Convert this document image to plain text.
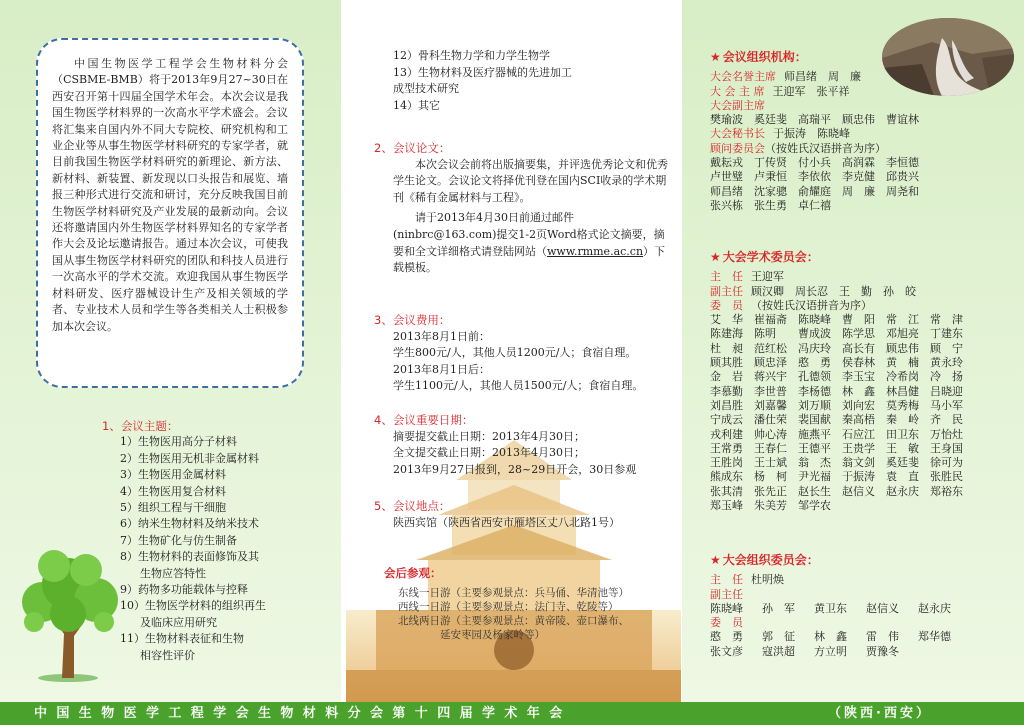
中国生物医学工程学会生物材料分会（CSBME-BMB）将于2013年9月27~30日在西安召开第十四届全国学术年会。本次会议是我国生物医学材料界的一次高水平学术盛会。会议将汇集来自国内外不同大专院校、研究机构和工业企业等从事生物医学材料研究的专家学者，就目前我国生物医学材料研究的新理论、新方法、新材料、新装置、新发现以口头报告和展览、墙报三种形式进行交流和研讨，充分反映我国目前生物医学材料研究及产业发展的最新动向。会议还将邀请国内外生物医学材料界知名的专家学者作大会及论坛邀请报告。通过本次会议，可使我国从事生物医学材料研究的团队和科技人员进行一次高水平的学术交流。欢迎我国从事生物医学材料研发、医疗器械设计生产及相关领域的学者、专业技术人员和学生等各类相关人士积极参加本次会议。

1、会议主题：
1） 生物医用高分子材料
2） 生物医用无机非金属材料
3） 生物医用金属材料
4） 生物医用复合材料
5） 组织工程与干细胞
6） 纳米生物材料及纳米技术
7） 生物矿化与仿生制备
8） 生物材料的表面修饰及其
生物应答特性
9） 药物多功能载体与控释
10） 生物医学材料的组织再生
及临床应用研究
11） 生物材料表征和生物
相容性评价
12）骨科生物力学和力学生物学
13）生物材料及医疗器械的先进加工
成型技术研究
14）其它
2、会议论文：

本次会议会前将出版摘要集，并评选优秀论文和优秀学生论文。会议论文将择优刊登在国内SCI收录的学术期刊《稀有金属材料与工程》。

请于2013年4月30日前通过邮件(ninbrc@163.com)提交1-2页Word格式论文摘要，摘要和全文详细格式请登陆网站（www.rmme.ac.cn）下载模板。

3、会议费用：
2013年8月1日前：
学生800元/人，其他人员1200元/人；食宿自理。
2013年8月1日后：
学生1100元/人，其他人员1500元/人；食宿自理。
4、会议重要日期：
摘要提交截止日期：2013年4月30日；
全文提交截止日期：2013年4月30日；
2013年9月27日报到，28~29日开会，30日参观
5、会议地点：
陕西宾馆（陕西省西安市雁塔区丈八北路1号）
会后参观：
东线一日游（主要参观景点：兵马俑、华清池等）
西线一日游（主要参观景点：法门寺、乾陵等）
北线两日游（主要参观景点：黄帝陵、壶口瀑布、
延安枣园及杨家岭等）
★ 会议组织机构：
大会名誉主席 师昌绪　周　廉
大 会 主 席 王迎军　张平祥
大会副主席
樊瑜波　奚廷斐　高瑞平　顾忠伟　曹谊林
大会秘书长 于振涛　陈晓峰
顾问委员会（按姓氏汉语拼音为序）
戴耘戎　丁传贤　付小兵　高润霖　李恒德
卢世璧　卢秉恒　李依依　李克健　邱贵兴
师昌绪　沈家骢　俞耀庭　周　廉　周尧和
张兴栋　张生勇　卓仁禧
★ 大会学术委员会：
主　任 王迎军
副主任 顾汉卿　周长忍　王　勤　孙　皎
委　员 （按姓氏汉语拼音为序）
艾　华	崔福斋	陈晓峰	曹　阳	常　江	常　津
陈建海	陈明	曹成波	陈学思	邓旭亮	丁建东
杜　昶	范红松	冯庆玲	高长有	顾忠伟	顾　宁
顾其胜	顾忠泽	憨　勇	侯春林	黄　楠	黄永玲
金　岩	蒋兴宇	孔德领	李玉宝	冷希岗	冷　扬
李慕勤	李世普	李杨德	林　鑫	林昌健	吕晓迎
刘昌胜	刘嘉馨	刘万顺	刘向宏	莫秀梅	马小军
宁成云	潘仕荣	裴国献	秦高梧	秦　岭	齐　民
戎利建	帅心涛	施燕平	石应江	田卫东	万怡灶
王常勇	王春仁	王德平	王贵学	王　敏	王身国
王胜岗	王士斌	翁　杰	翁文剑	奚廷斐	徐可为
熊成东	杨　柯	尹光福	于振涛	袁　直	张胜民
张其清	张先正	赵长生	赵信义	赵永庆	郑裕东
郑玉峰	朱美芳	邹学农
★ 大会组织委员会：
主　任 杜明焕
副主任
陈晓峰	孙　军	黄卫东	赵信义	赵永庆
委　员
憨　勇	郭　征	林　鑫	雷　伟	郑华德
张文彦	寇洪超	方立明	贾豫冬
中国生物医学工程学会生物材料分会第十四届学术年会	（陕西·西安）
